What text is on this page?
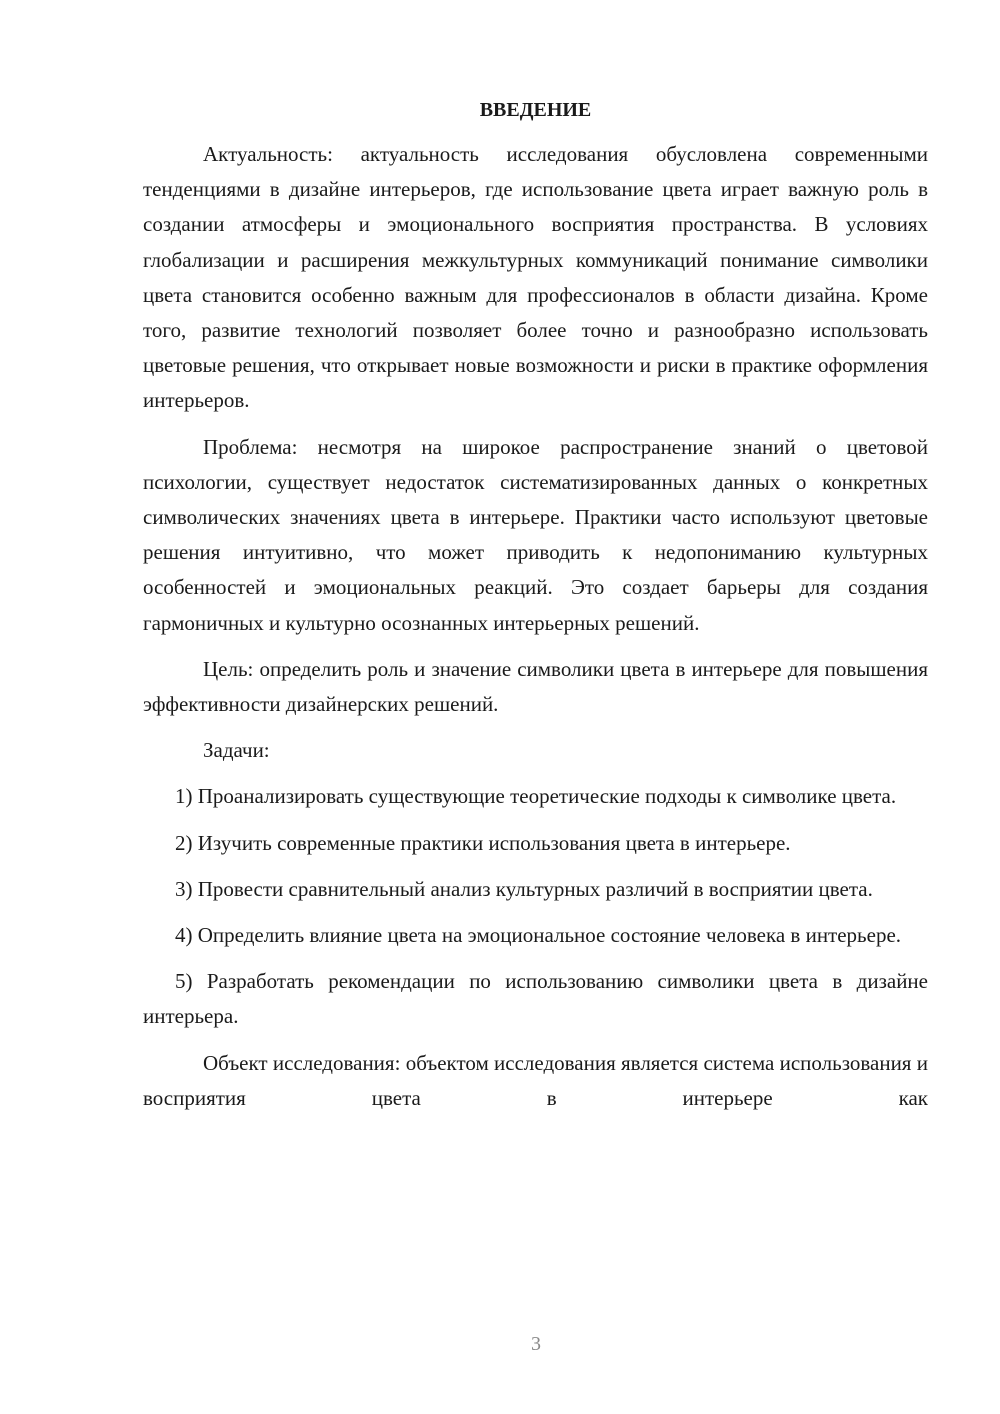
ВВЕДЕНИЕ

Актуальность: актуальность исследования обусловлена современными тенденциями в дизайне интерьеров, где использование цвета играет важную роль в создании атмосферы и эмоционального восприятия пространства. В условиях глобализации и расширения межкультурных коммуникаций понимание символики цвета становится особенно важным для профессионалов в области дизайна. Кроме того, развитие технологий позволяет более точно и разнообразно использовать цветовые решения, что открывает новые возможности и риски в практике оформления интерьеров.

Проблема: несмотря на широкое распространение знаний о цветовой психологии, существует недостаток систематизированных данных о конкретных символических значениях цвета в интерьере. Практики часто используют цветовые решения интуитивно, что может приводить к недопониманию культурных особенностей и эмоциональных реакций. Это создает барьеры для создания гармоничных и культурно осознанных интерьерных решений.

Цель: определить роль и значение символики цвета в интерьере для повышения эффективности дизайнерских решений.

Задачи:

1) Проанализировать существующие теоретические подходы к символике цвета.

2) Изучить современные практики использования цвета в интерьере.

3) Провести сравнительный анализ культурных различий в восприятии цвета.

4) Определить влияние цвета на эмоциональное состояние человека в интерьере.

5) Разработать рекомендации по использованию символики цвета в дизайне интерьера.

Объект исследования: объектом исследования является система использования и восприятия цвета в интерьере как

3
